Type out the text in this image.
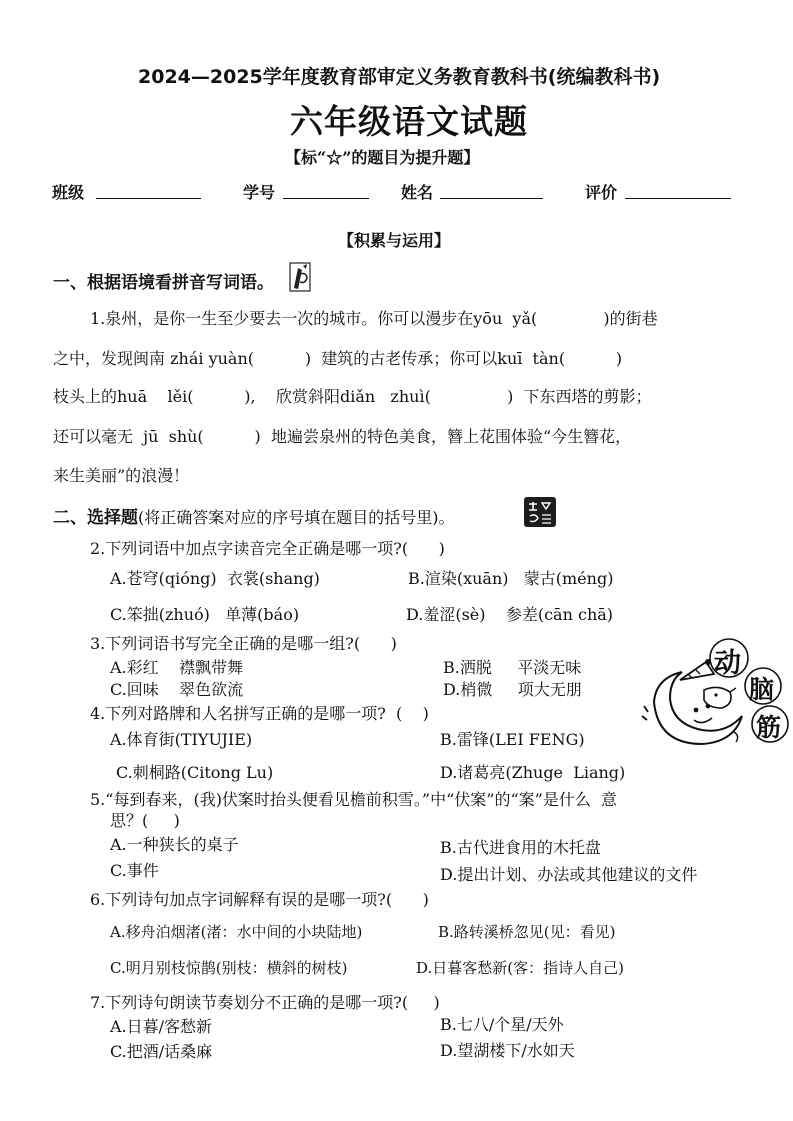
2024—2025学年度教育部审定义务教育教科书(统编教科书)
六年级语文试题
【标“☆”的题目为提升题】
班级	学号	姓名	评价
【积累与运用】
一、根据语境看拼音写词语。
1.泉州，是你一生至少要去一次的城市。你可以漫步在yōu  yǎ(             )的街巷
之中，发现闽南 zhái yuàn(          )  建筑的古老传承；你可以kuī  tàn(          )
枝头上的huā    lěi(          ),    欣赏斜阳diǎn   zhuì(               )  下东西塔的剪影；
还可以毫无  jū  shù(          )  地遍尝泉州的特色美食，簪上花围体验“今生簪花，
来生美丽”的浪漫！
二、选择题(将正确答案对应的序号填在题目的括号里)。
2.下列词语中加点字读音完全正确是哪一项?(      )
A.苍穹(qióng)  衣裳(shang)	B.渲染(xuān)   蒙古(méng)
C.笨拙(zhuó)   单薄(báo)	D.羞涩(sè)    参差(cān chā)
3.下列词语书写完全正确的是哪一组?(      )
A.彩红    襟飘带舞	B.洒脱     平淡无味
C.回味    翠色欲流	D.梢微     项大无朋
4.下列对路牌和人名拼写正确的是哪一项?  (    )
A.体育街(TIYUJIE)	B.雷锋(LEI FENG)
C.刺桐路(Citong Lu)	D.诸葛亮(Zhuge  Liang)
5.“每到春来，(我)伏案时抬头便看见檐前积雪。”中“伏案”的“案”是什么  意
思？(     )
A.一种狭长的桌子	B.古代进食用的木托盘
C.事件	D.提出计划、办法或其他建议的文件
6.下列诗句加点字词解释有误的是哪一项?(      )
A.移舟泊烟渚(渚：水中间的小块陆地)	B.路转溪桥忽见(见：看见)
C.明月别枝惊鹊(别枝：横斜的树枝)	D.日暮客愁新(客：指诗人自己)
7.下列诗句朗读节奏划分不正确的是哪一项?(     )
A.日暮/客愁新	B.七八/个星/天外
C.把酒/话桑麻	D.望湖楼下/水如天
动
脑
筋
